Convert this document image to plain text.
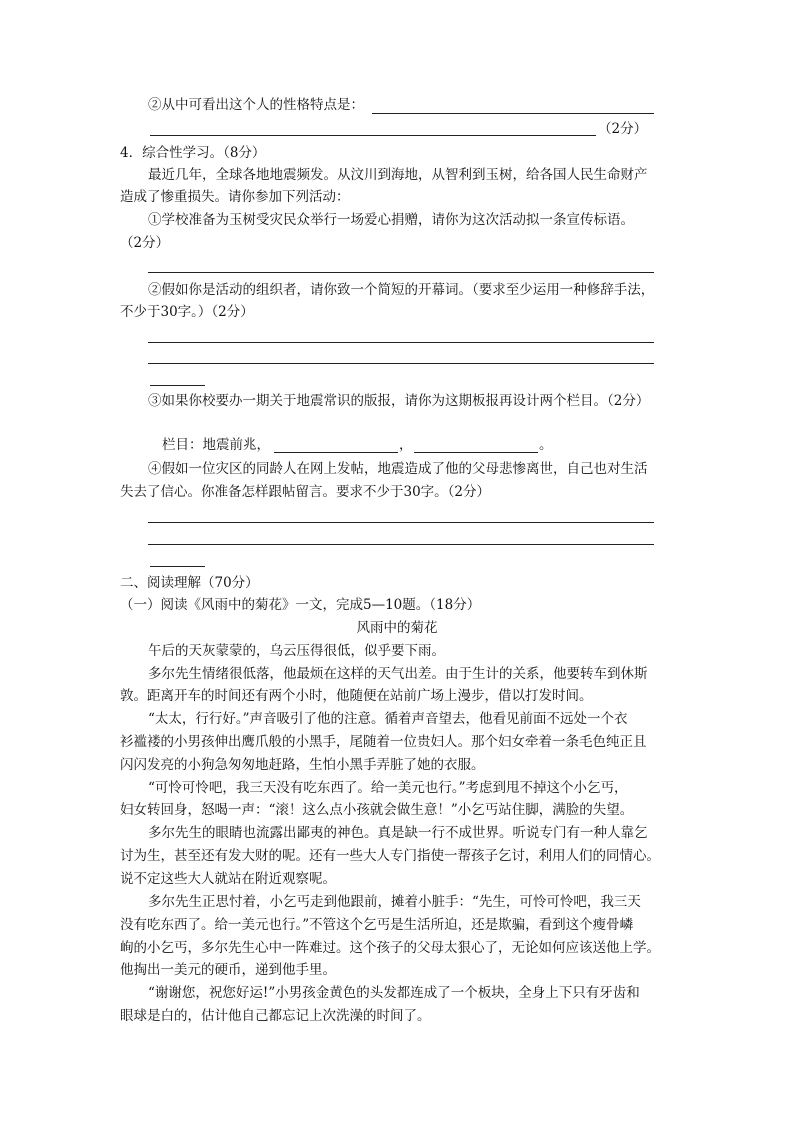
②从中可看出这个人的性格特点是：
（2分）
4．综合性学习。（8分）
最近几年，全球各地地震频发。从汶川到海地，从智利到玉树，给各国人民生命财产
造成了惨重损失。请你参加下列活动：
①学校准备为玉树受灾民众举行一场爱心捐赠，请你为这次活动拟一条宣传标语。
（2分）
②假如你是活动的组织者，请你致一个简短的开幕词。（要求至少运用一种修辞手法，
不少于30字。）（2分）
③如果你校要办一期关于地震常识的版报，请你为这期板报再设计两个栏目。（2分）
栏目：地震前兆，	，	。
④假如一位灾区的同龄人在网上发帖，地震造成了他的父母悲惨离世，自己也对生活
失去了信心。你准备怎样跟帖留言。要求不少于30字。（2分）
二、阅读理解（70分）
（一）阅读《风雨中的菊花》一文，完成5—10题。（18分）
风雨中的菊花
午后的天灰蒙蒙的，乌云压得很低，似乎要下雨。
多尔先生情绪很低落，他最烦在这样的天气出差。由于生计的关系，他要转车到休斯
敦。距离开车的时间还有两个小时，他随便在站前广场上漫步，借以打发时间。
“太太，行行好。”声音吸引了他的注意。循着声音望去，他看见前面不远处一个衣
衫褴褛的小男孩伸出鹰爪般的小黑手，尾随着一位贵妇人。那个妇女牵着一条毛色纯正且
闪闪发亮的小狗急匆匆地赶路，生怕小黑手弄脏了她的衣服。
“可怜可怜吧，我三天没有吃东西了。给一美元也行。”考虑到甩不掉这个小乞丐，
妇女转回身，怒喝一声：“滚！这么点小孩就会做生意！”小乞丐站住脚，满脸的失望。
多尔先生的眼睛也流露出鄙夷的神色。真是缺一行不成世界。听说专门有一种人靠乞
讨为生，甚至还有发大财的呢。还有一些大人专门指使一帮孩子乞讨，利用人们的同情心。
说不定这些大人就站在附近观察呢。
多尔先生正思忖着，小乞丐走到他跟前，摊着小脏手：“先生，可怜可怜吧，我三天
没有吃东西了。给一美元也行。”不管这个乞丐是生活所迫，还是欺骗，看到这个瘦骨嶙
峋的小乞丐，多尔先生心中一阵难过。这个孩子的父母太狠心了，无论如何应该送他上学。
他掏出一美元的硬币，递到他手里。
“谢谢您，祝您好运!”小男孩金黄色的头发都连成了一个板块，全身上下只有牙齿和
眼球是白的，估计他自己都忘记上次洗澡的时间了。
